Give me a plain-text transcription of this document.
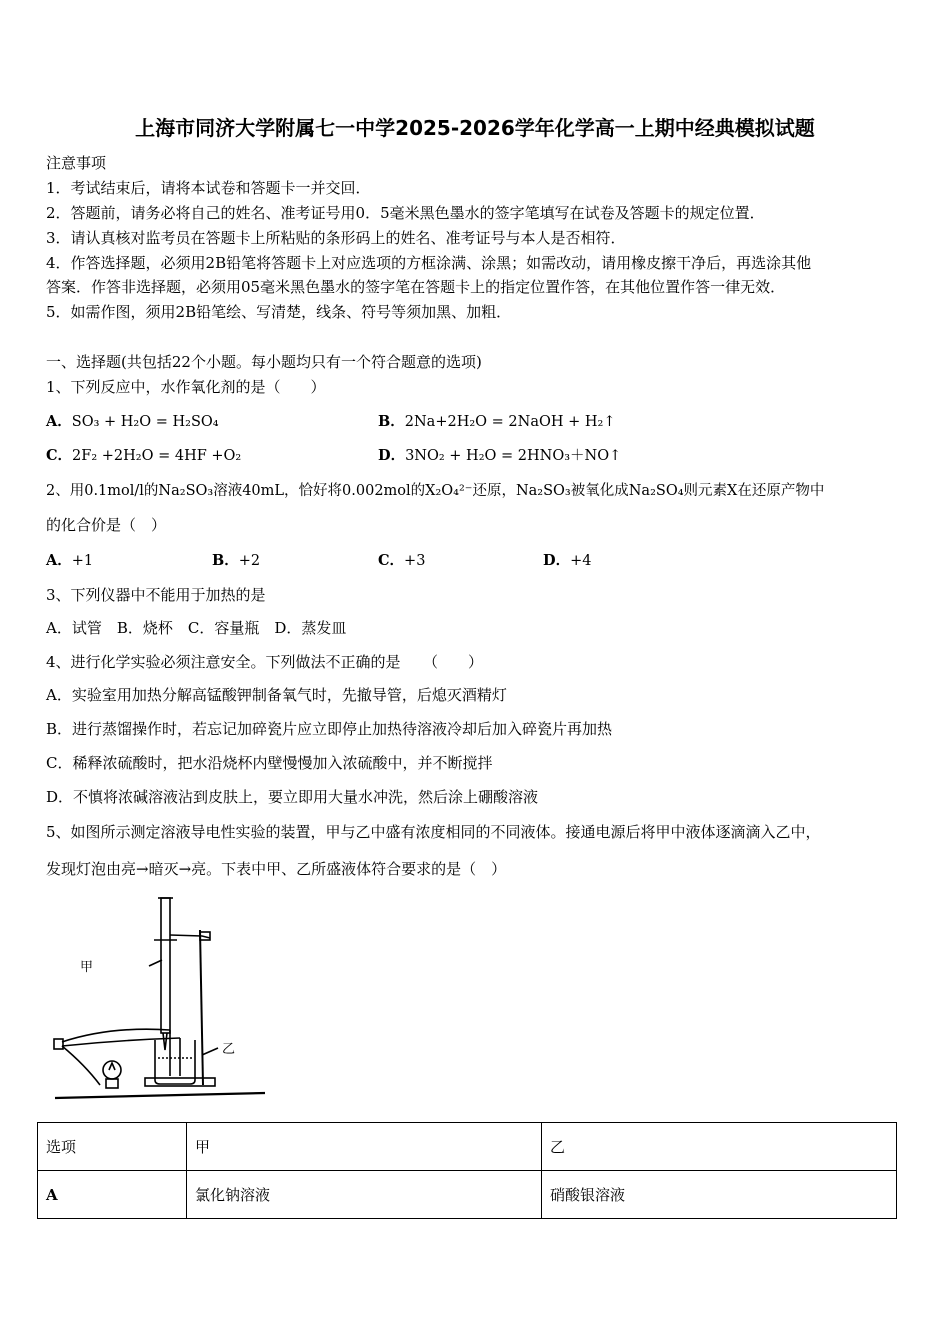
上海市同济大学附属七一中学2025-2026学年化学高一上期中经典模拟试题
注意事项
1．考试结束后，请将本试卷和答题卡一并交回．
2．答题前，请务必将自己的姓名、准考证号用0．5毫米黑色墨水的签字笔填写在试卷及答题卡的规定位置．
3．请认真核对监考员在答题卡上所粘贴的条形码上的姓名、准考证号与本人是否相符．
4．作答选择题，必须用2B铅笔将答题卡上对应选项的方框涂满、涂黑；如需改动，请用橡皮擦干净后，再选涂其他
答案．作答非选择题，必须用05毫米黑色墨水的签字笔在答题卡上的指定位置作答，在其他位置作答一律无效．
5．如需作图，须用2B铅笔绘、写清楚，线条、符号等须加黑、加粗．
一、选择题(共包括22个小题。每小题均只有一个符合题意的选项)
1、下列反应中，水作氧化剂的是（　　）
A．SO₃ + H₂O = H₂SO₄	B．2Na+2H₂O = 2NaOH + H₂↑
C．2F₂ +2H₂O = 4HF +O₂	D．3NO₂ + H₂O = 2HNO₃＋NO↑
2、用0.1mol/l的Na₂SO₃溶液40mL，恰好将0.002mol的X₂O₄²⁻还原，Na₂SO₃被氧化成Na₂SO₄则元素X在还原产物中
的化合价是（　）
A．+1	B．+2	C．+3	D．+4
3、下列仪器中不能用于加热的是
A．试管　B．烧杯　C．容量瓶　D．蒸发皿
4、进行化学实验必须注意安全。下列做法不正确的是　　（　　）
A．实验室用加热分解高锰酸钾制备氧气时，先撤导管，后熄灭酒精灯
B．进行蒸馏操作时，若忘记加碎瓷片应立即停止加热待溶液冷却后加入碎瓷片再加热
C．稀释浓硫酸时，把水沿烧杯内壁慢慢加入浓硫酸中，并不断搅拌
D．不慎将浓碱溶液沾到皮肤上，要立即用大量水冲洗，然后涂上硼酸溶液
5、如图所示测定溶液导电性实验的装置，甲与乙中盛有浓度相同的不同液体。接通电源后将甲中液体逐滴滴入乙中，
发现灯泡由亮→暗灭→亮。下表中甲、乙所盛液体符合要求的是（　）
甲
乙
选项	甲	乙
A	氯化钠溶液	硝酸银溶液
